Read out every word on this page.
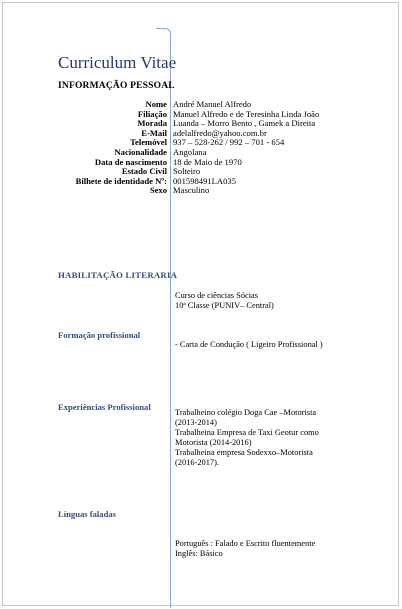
Curriculum Vitae
INFORMAÇÃO PESSOAL
Nome André Manuel Alfredo
Filiação Manuel Alfredo e de Teresinha Linda João
Morada Luanda – Morro Bento , Gamek a Direita
E-Mail adelalfredo@yahoo.com.br
Telemóvel 937 – 528-262 / 992 – 701 - 654
Nacionalidade Angolana
Data de nascimento 18 de Maio de 1970
Estado Civil Solteiro
Bilhete de identidade Nº: 001598491LA035
Sexo Masculino
HABILITAÇÃO LITERARIA
Curso de ciências Sócias
10ª Classe (PUNIV– Central)
Formação profissional
- Carta de Condução ( Ligeiro Profissional )
Experiências Profissional
Trabalheino colégio Doga Cae –Motorista
(2013-2014)
Trabalheina Empresa de Taxi Geotur como
Motorista (2014-2016)
Trabalheina empresa Sodexxo–Motorista
(2016-2017).
Línguas faladas
Português : Falado e Escrito fluentemente
Inglês: Básico
